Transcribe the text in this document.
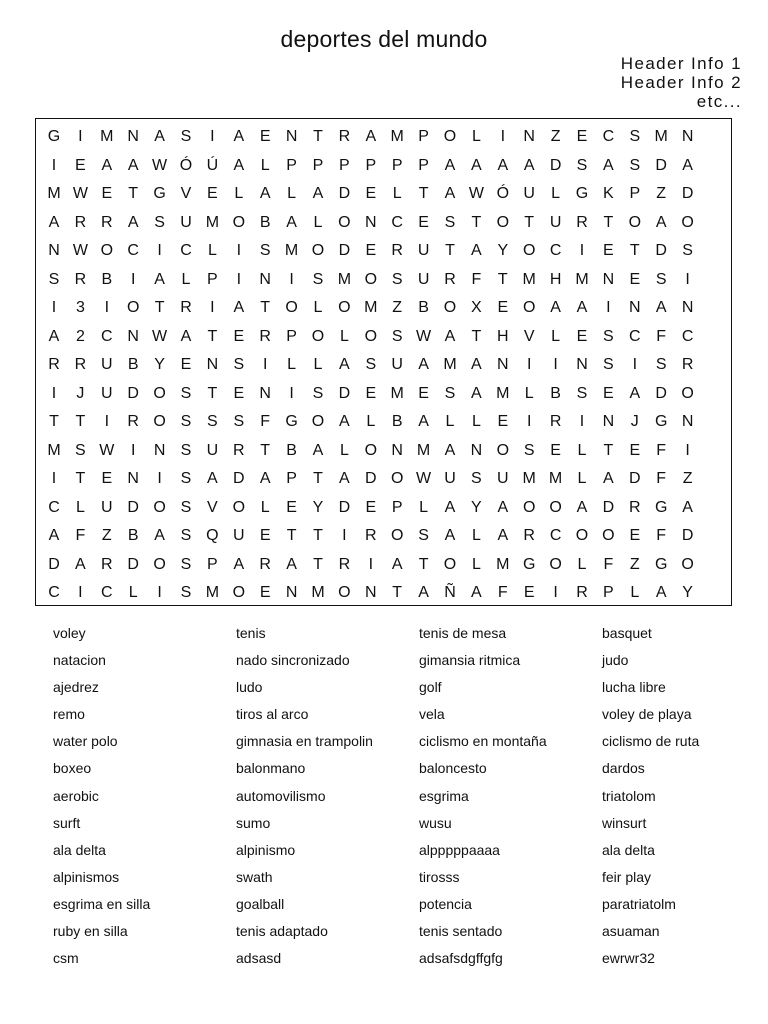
deportes del mundo
Header Info 1
Header Info 2
etc...
G	I	M N A S	I	A E N T R A M P O L	I	N Z	E C S M N
I	E A A W Ó Ú A	L	P P P P P P A A A A D S A S D A
M W E	T G V E	L	A	L	A D E	L	T	A W Ó U	L G K P	Z D
A R R A S U M O B A	L O N C E S	T O T U R T O A O
N W O C	I	C	L	I	S M O D E R U T	A Y O C	I	E	T D S
S R B	I	A	L	P	I	N	I	S M O S U R F	T M H M N E S	I
I	3	I	O T R	I	A	T O L O M Z	B O X E O A A	I	N A N
A	2	C N W A	T	E R P O L O S W A	T H V	L	E S C F C
R R U B Y E N S	I	L	L	A S U A M A N	I	I	N S	I	S R
I	J	U D O S	T	E N	I	S D E M E S A M L	B S E A D O
T	T	I	R O S S S	F G O A	L	B A	L	L	E	I	R	I	N	J	G N
M S W	I	N S U R T	B A	L O N M A N O S E	L	T	E	F	I
I	T	E N	I	S A D A P	T	A D O W U S U M M L	A D F	Z
C	L	U D O S V O L	E Y D E P	L	A Y A O O A D R G A
A	F	Z	B A S Q U E	T	T	I	R O S A	L	A R C O O E	F D
D A R D O S P A R A	T R	I	A	T O L M G O L	F	Z G O
C	I	C	L	I	S M O E N M O N T	A Ñ A	F	E	I	R P	L	A Y
voley
natacion
ajedrez
remo
water polo
boxeo
aerobic
surft
ala delta
alpinismos
esgrima en silla
ruby en silla
csm
tenis
nado sincronizado
ludo
tiros al arco
gimnasia en trampolin
balonmano
automovilismo
sumo
alpinismo
swath
goalball
tenis adaptado
adsasd
tenis de mesa
gimansia ritmica
golf
vela
ciclismo en montaña
baloncesto
esgrima
wusu
alpppppaaaa
tirosss
potencia
tenis sentado
adsafsdgffgfg
basquet
judo
lucha libre
voley de playa
ciclismo de ruta
dardos
triatolom
winsurt
ala delta
feir play
paratriatolm
asuaman
ewrwr32
